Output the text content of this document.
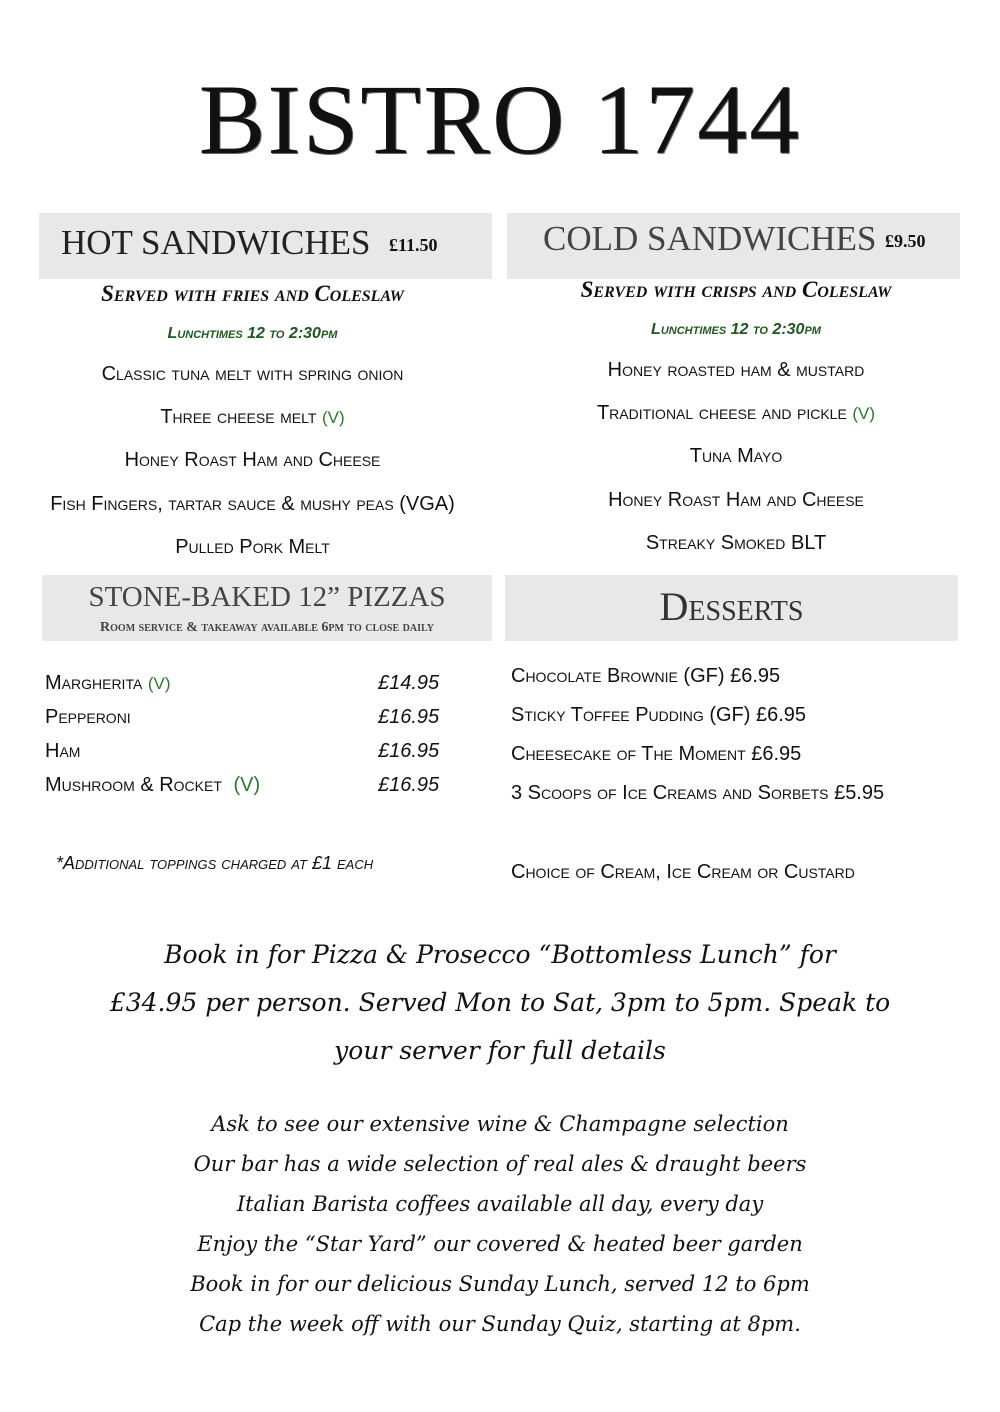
BISTRO 1744
HOT SANDWICHES £11.50
Served with fries and Coleslaw
Lunchtimes 12 to 2:30pm
Classic tuna melt with spring onion
Three cheese melt (V)
Honey Roast Ham and Cheese
Fish Fingers, tartar sauce & mushy peas (VGA)
Pulled Pork Melt
COLD SANDWICHES £9.50
Served with crisps and Coleslaw
Lunchtimes 12 to 2:30pm
Honey roasted ham & mustard
Traditional cheese and pickle (V)
Tuna Mayo
Honey Roast Ham and Cheese
Streaky Smoked BLT
STONE-BAKED 12” PIZZAS
Room service & takeaway available 6pm to close daily
Margherita (V)	£14.95
Pepperoni	£16.95
Ham	£16.95
Mushroom & Rocket (V)	£16.95
*Additional toppings charged at £1 each
Desserts
Chocolate Brownie (GF) £6.95
Sticky Toffee Pudding (GF) £6.95
Cheesecake of The Moment £6.95
3 Scoops of Ice Creams and Sorbets £5.95
Choice of Cream, Ice Cream or Custard
Book in for Pizza & Prosecco “Bottomless Lunch” for
£34.95 per person. Served Mon to Sat, 3pm to 5pm. Speak to
your server for full details
Ask to see our extensive wine & Champagne selection
Our bar has a wide selection of real ales & draught beers
Italian Barista coffees available all day, every day
Enjoy the “Star Yard” our covered & heated beer garden
Book in for our delicious Sunday Lunch, served 12 to 6pm
Cap the week off with our Sunday Quiz, starting at 8pm.
